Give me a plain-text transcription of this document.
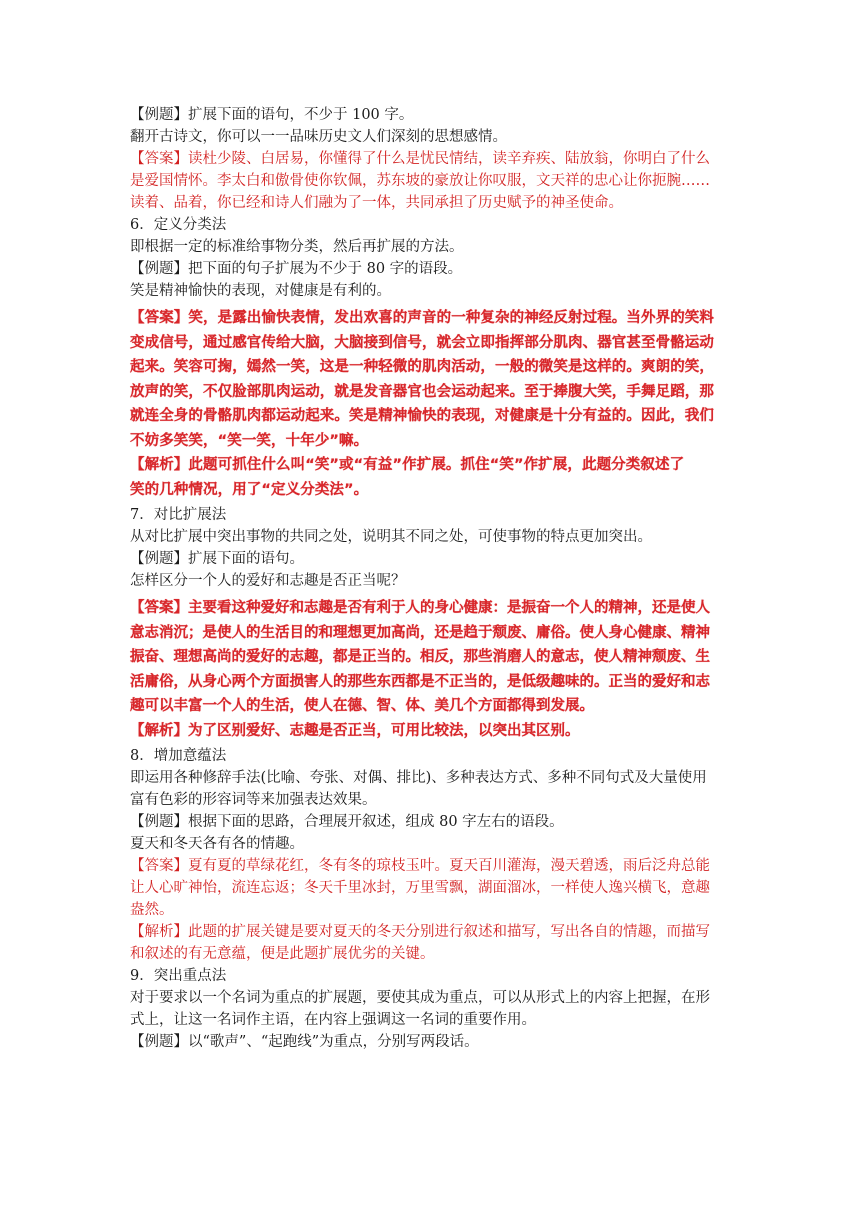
【例题】扩展下面的语句，不少于 100 字。
翻开古诗文，你可以一一品味历史文人们深刻的思想感情。
【答案】读杜少陵、白居易，你懂得了什么是忧民情结，读辛弃疾、陆放翁，你明白了什么
是爱国情怀。李太白和傲骨使你钦佩，苏东坡的豪放让你叹服，文天祥的忠心让你扼腕……
读着、品着，你已经和诗人们融为了一体，共同承担了历史赋予的神圣使命。
6．定义分类法
即根据一定的标准给事物分类，然后再扩展的方法。
【例题】把下面的句子扩展为不少于 80 字的语段。
笑是精神愉快的表现，对健康是有利的。
【答案】笑，是露出愉快表情，发出欢喜的声音的一种复杂的神经反射过程。当外界的笑料
变成信号，通过感官传给大脑，大脑接到信号，就会立即指挥部分肌肉、器官甚至骨骼运动
起来。笑容可掬，嫣然一笑，这是一种轻微的肌肉活动，一般的微笑是这样的。爽朗的笑，
放声的笑，不仅脸部肌肉运动，就是发音器官也会运动起来。至于捧腹大笑，手舞足蹈，那
就连全身的骨骼肌肉都运动起来。笑是精神愉快的表现，对健康是十分有益的。因此，我们
不妨多笑笑，“笑一笑，十年少”嘛。
【解析】此题可抓住什么叫“笑”或“有益”作扩展。抓住“笑”作扩展，此题分类叙述了
笑的几种情况，用了“定义分类法”。
7．对比扩展法
从对比扩展中突出事物的共同之处，说明其不同之处，可使事物的特点更加突出。
【例题】扩展下面的语句。
怎样区分一个人的爱好和志趣是否正当呢？
【答案】主要看这种爱好和志趣是否有利于人的身心健康：是振奋一个人的精神，还是使人
意志消沉；是使人的生活目的和理想更加高尚，还是趋于颓废、庸俗。使人身心健康、精神
振奋、理想高尚的爱好的志趣，都是正当的。相反，那些消磨人的意志，使人精神颓废、生
活庸俗，从身心两个方面损害人的那些东西都是不正当的，是低级趣味的。正当的爱好和志
趣可以丰富一个人的生活，使人在德、智、体、美几个方面都得到发展。
【解析】为了区别爱好、志趣是否正当，可用比较法，以突出其区别。
8．增加意蕴法
即运用各种修辞手法(比喻、夸张、对偶、排比)、多种表达方式、多种不同句式及大量使用
富有色彩的形容词等来加强表达效果。
【例题】根据下面的思路，合理展开叙述，组成 80 字左右的语段。
夏天和冬天各有各的情趣。
【答案】夏有夏的草绿花红，冬有冬的琼枝玉叶。夏天百川灌海，漫天碧透，雨后泛舟总能
让人心旷神怡，流连忘返；冬天千里冰封，万里雪飘，湖面溜冰，一样使人逸兴横飞，意趣
盎然。
【解析】此题的扩展关键是要对夏天的冬天分别进行叙述和描写，写出各自的情趣，而描写
和叙述的有无意蕴，便是此题扩展优劣的关键。
9．突出重点法
对于要求以一个名词为重点的扩展题，要使其成为重点，可以从形式上的内容上把握，在形
式上，让这一名词作主语，在内容上强调这一名词的重要作用。
【例题】以“歌声”、“起跑线”为重点，分别写两段话。
